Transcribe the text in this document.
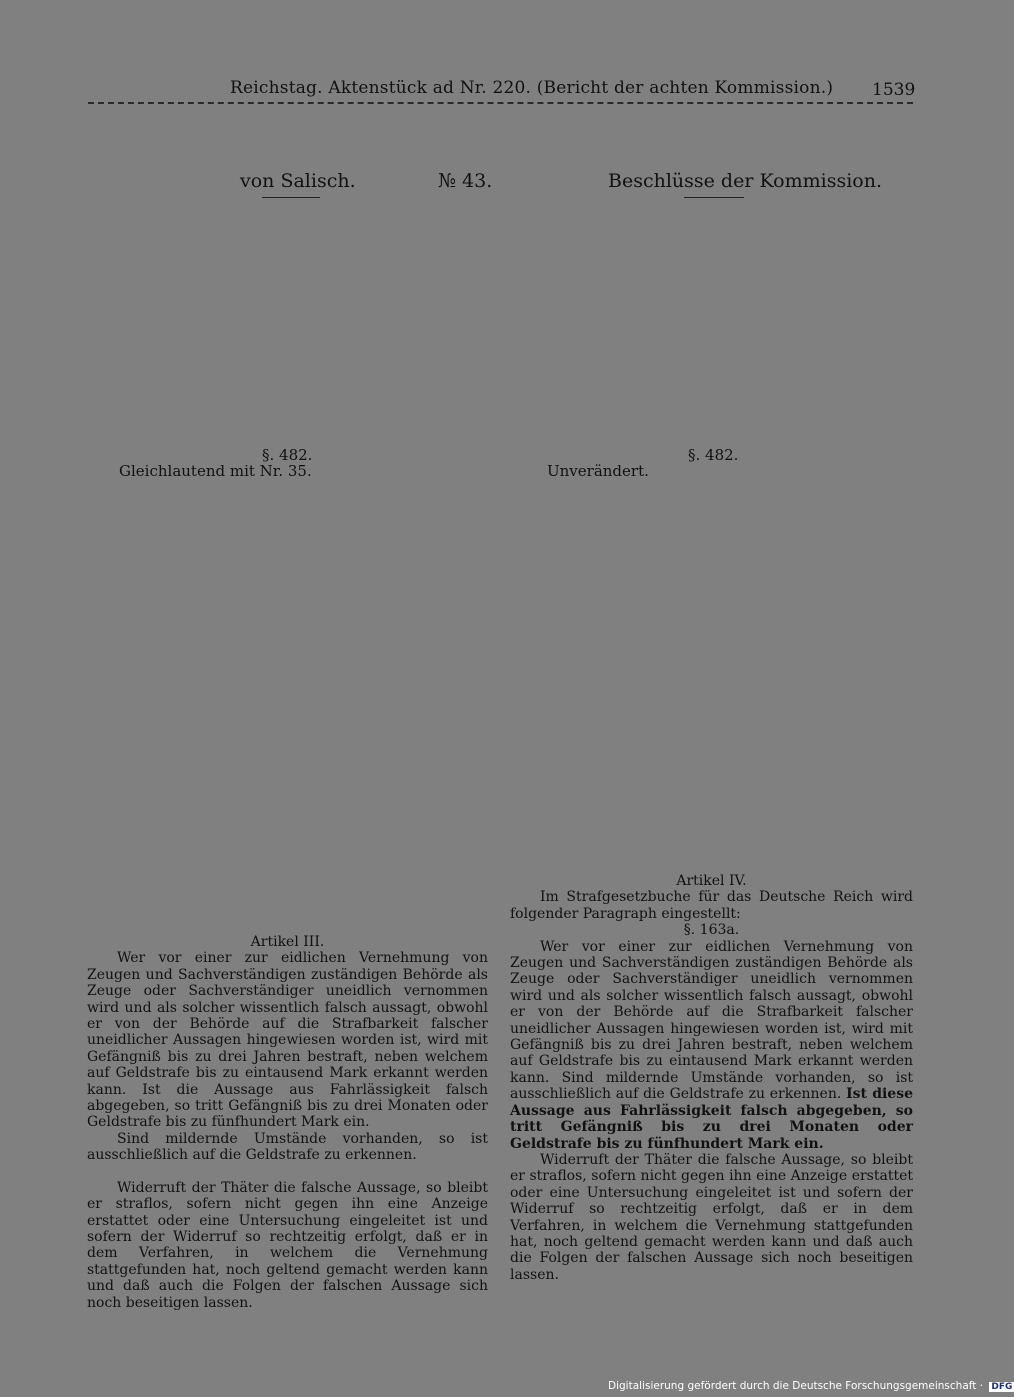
Reichstag. Aktenstück ad Nr. 220. (Bericht der achten Kommission.) 1539
von Salisch.	№ 43.	Beschlüsse der Kommission.
§. 482.
Gleichlautend mit Nr. 35.
§. 482.
Unverändert.

Artikel III.

Wer vor einer zur eidlichen Vernehmung von Zeugen und Sachverständigen zuständigen Behörde als Zeuge oder Sachverständiger uneidlich vernommen wird und als solcher wissentlich falsch aussagt, obwohl er von der Behörde auf die Strafbarkeit falscher uneidlicher Aussagen hingewiesen worden ist, wird mit Gefängniß bis zu drei Jahren bestraft, neben welchem auf Geldstrafe bis zu eintausend Mark erkannt werden kann. Ist die Aussage aus Fahrlässigkeit falsch abgegeben, so tritt Gefängniß bis zu drei Monaten oder Geldstrafe bis zu fünfhundert Mark ein.

Sind mildernde Umstände vorhanden, so ist ausschließlich auf die Geldstrafe zu erkennen.

Widerruft der Thäter die falsche Aussage, so bleibt er straflos, sofern nicht gegen ihn eine Anzeige erstattet oder eine Untersuchung eingeleitet ist und sofern der Widerruf so rechtzeitig erfolgt, daß er in dem Verfahren, in welchem die Vernehmung stattgefunden hat, noch geltend gemacht werden kann und daß auch die Folgen der falschen Aussage sich noch beseitigen lassen.

Artikel IV.

Im Strafgesetzbuche für das Deutsche Reich wird folgender Paragraph eingestellt:

§. 163a.

Wer vor einer zur eidlichen Vernehmung von Zeugen und Sachverständigen zuständigen Behörde als Zeuge oder Sachverständiger uneidlich vernommen wird und als solcher wissentlich falsch aussagt, obwohl er von der Behörde auf die Strafbarkeit falscher uneidlicher Aussagen hingewiesen worden ist, wird mit Gefängniß bis zu drei Jahren bestraft, neben welchem auf Geldstrafe bis zu eintausend Mark erkannt werden kann. Sind mildernde Umstände vorhanden, so ist ausschließlich auf die Geldstrafe zu erkennen. Ist diese Aussage aus Fahrlässigkeit falsch abgegeben, so tritt Gefängniß bis zu drei Monaten oder Geldstrafe bis zu fünfhundert Mark ein.

Widerruft der Thäter die falsche Aussage, so bleibt er straflos, sofern nicht gegen ihn eine Anzeige erstattet oder eine Untersuchung eingeleitet ist und sofern der Widerruf so rechtzeitig erfolgt, daß er in dem Verfahren, in welchem die Vernehmung stattgefunden hat, noch geltend gemacht werden kann und daß auch die Folgen der falschen Aussage sich noch beseitigen lassen.

Digitalisierung gefördert durch die Deutsche Forschungsgemeinschaft · DFG
